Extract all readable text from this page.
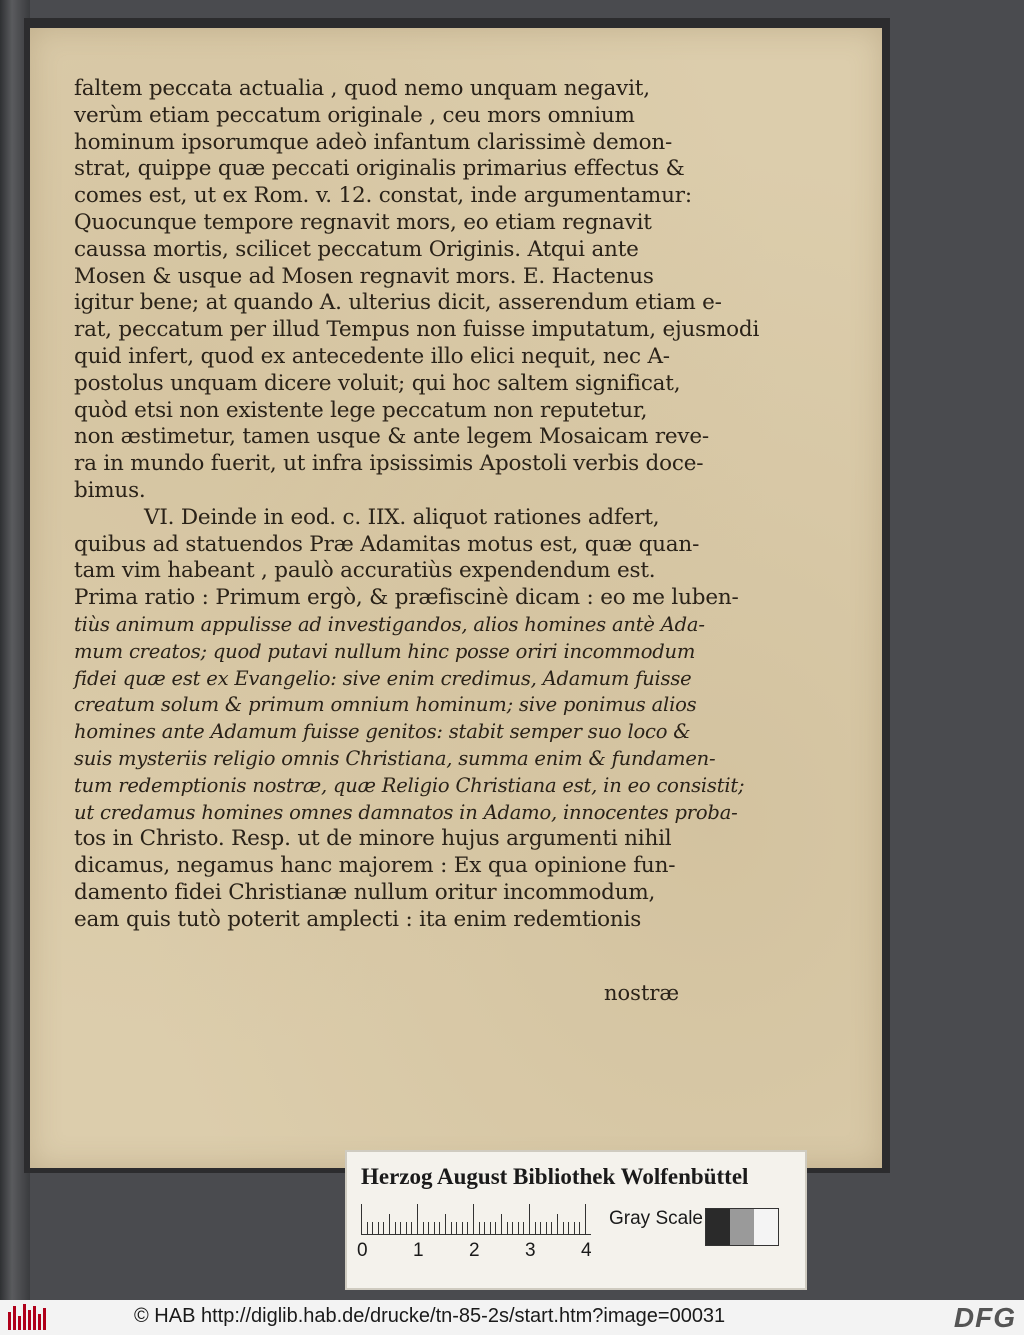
faltem peccata actualia , quod nemo unquam negavit,
verùm etiam peccatum originale , ceu mors omnium
hominum ipsorumque adeò infantum clarissimè demon-
strat, quippe quæ peccati originalis primarius effectus &
comes est, ut ex Rom. v. 12. constat, inde argumentamur:
Quocunque tempore regnavit mors, eo etiam regnavit
caussa mortis, scilicet peccatum Originis. Atqui ante
Mosen & usque ad Mosen regnavit mors. E. Hactenus
igitur bene; at quando A. ulterius dicit, asserendum etiam e-
rat, peccatum per illud Tempus non fuisse imputatum, ejusmodi
quid infert, quod ex antecedente illo elici nequit, nec A-
postolus unquam dicere voluit; qui hoc saltem significat,
quòd etsi non existente lege peccatum non reputetur,
non æstimetur, tamen usque & ante legem Mosaicam reve-
ra in mundo fuerit, ut infra ipsissimis Apostoli verbis doce-
bimus.
VI. Deinde in eod. c. IIX. aliquot rationes adfert,
quibus ad statuendos Præ Adamitas motus est, quæ quan-
tam vim habeant , paulò accuratiùs expendendum est.
Prima ratio : Primum ergò, & præfiscinè dicam : eo me luben-
tiùs animum appulisse ad investigandos, alios homines antè Ada-
mum creatos; quod putavi nullum hinc posse oriri incommodum
fidei quæ est ex Evangelio: sive enim credimus, Adamum fuisse
creatum solum & primum omnium hominum; sive ponimus alios
homines ante Adamum fuisse genitos: stabit semper suo loco &
suis mysteriis religio omnis Christiana, summa enim & fundamen-
tum redemptionis nostræ, quæ Religio Christiana est, in eo consistit;
ut credamus homines omnes damnatos in Adamo, innocentes proba-
tos in Christo. Resp. ut de minore hujus argumenti nihil
dicamus, negamus hanc majorem : Ex qua opinione fun-
damento fidei Christianæ nullum oritur incommodum,
eam quis tutò poterit amplecti : ita enim redemtionis
nostræ
Herzog August Bibliothek Wolfenbüttel
0 1 2 3 4
Gray Scale
© HAB http://diglib.hab.de/drucke/tn-85-2s/start.htm?image=00031	DFG
